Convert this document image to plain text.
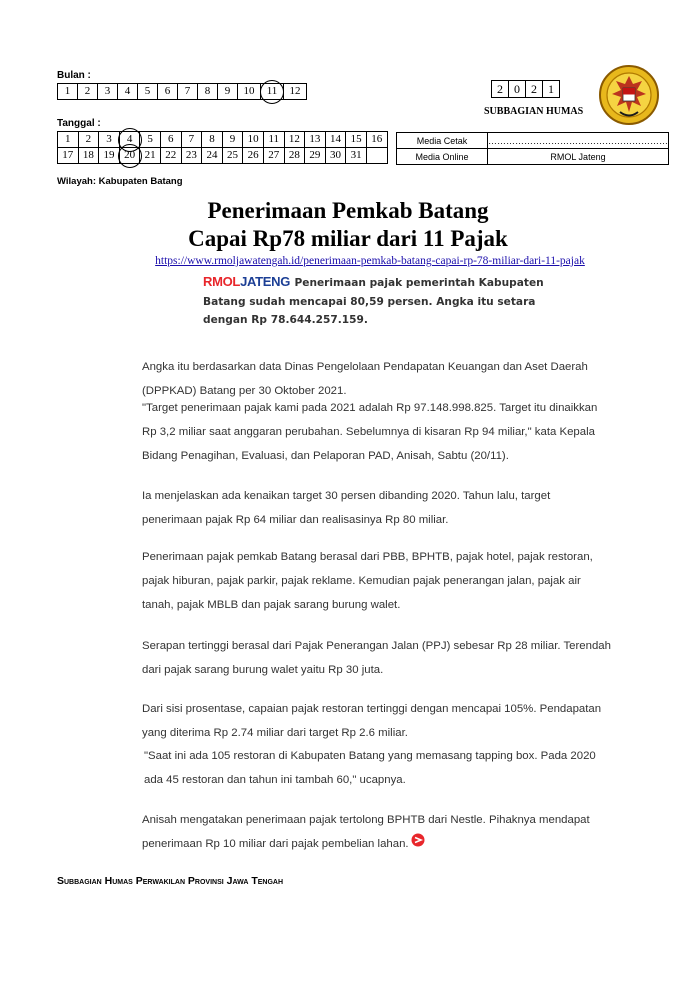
Bulan :
1	2	3	4	5	6	7	8	9	10	11	12
Tanggal :
1	2	3	4	5	6	7	8	9	10	11	12	13	14	15	16
17	18	19	20	21	22	23	24	25	26	27	28	29	30	31	
2 0 2 1
SUBBAGIAN HUMAS
Media Cetak	……………………………………………………
Media Online	RMOL Jateng
Wilayah: Kabupaten Batang
Penerimaan Pemkab Batang
Capai Rp78 miliar dari 11 Pajak
https://www.rmoljawatengah.id/penerimaan-pemkab-batang-capai-rp-78-miliar-dari-11-pajak
RMOLJATENG Penerimaan pajak pemerintah Kabupaten
Batang sudah mencapai 80,59 persen. Angka itu setara
dengan Rp 78.644.257.159.
Angka itu berdasarkan data Dinas Pengelolaan Pendapatan Keuangan dan Aset Daerah (DPPKAD) Batang per 30 Oktober 2021.
"Target penerimaan pajak kami pada 2021 adalah Rp 97.148.998.825. Target itu dinaikkan Rp 3,2 miliar saat anggaran perubahan. Sebelumnya di kisaran Rp 94 miliar," kata Kepala Bidang Penagihan, Evaluasi, dan Pelaporan PAD, Anisah, Sabtu (20/11).
Ia menjelaskan ada kenaikan target 30 persen dibanding 2020. Tahun lalu, target penerimaan pajak Rp 64 miliar dan realisasinya Rp 80 miliar.
Penerimaan pajak pemkab Batang berasal dari PBB, BPHTB, pajak hotel, pajak restoran, pajak hiburan, pajak parkir, pajak reklame. Kemudian pajak penerangan jalan, pajak air tanah, pajak MBLB dan pajak sarang burung walet.
Serapan tertinggi berasal dari Pajak Penerangan Jalan (PPJ) sebesar Rp 28 miliar. Terendah dari pajak sarang burung walet yaitu Rp 30 juta.
Dari sisi prosentase, capaian pajak restoran tertinggi dengan mencapai 105%. Pendapatan yang diterima Rp 2.74 miliar dari target Rp 2.6 miliar.
"Saat ini ada 105 restoran di Kabupaten Batang yang memasang tapping box. Pada 2020 ada 45 restoran dan tahun ini tambah 60," ucapnya.
Anisah mengatakan penerimaan pajak tertolong BPHTB dari Nestle. Pihaknya mendapat penerimaan Rp 10 miliar dari pajak pembelian lahan.
Subbagian Humas Perwakilan Provinsi Jawa Tengah
